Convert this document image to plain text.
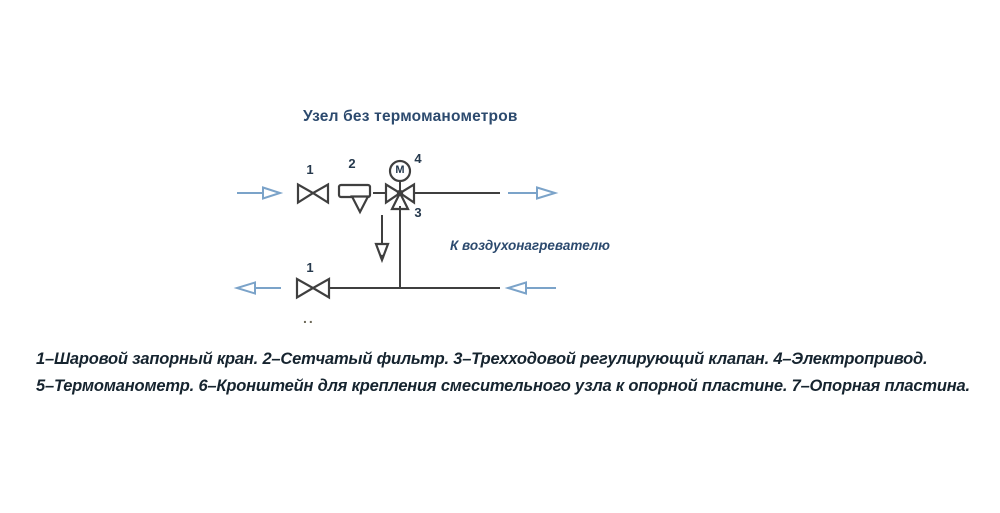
Узел без термоманометров
1	2	4
3
1
M
К воздухонагревателю
..
1–Шаровой запорный кран. 2–Сетчатый фильтр. 3–Трехходовой регулирующий клапан. 4–Электропривод.
5–Термоманометр. 6–Кронштейн для крепления смесительного узла к опорной пластине. 7–Опорная пластина.
